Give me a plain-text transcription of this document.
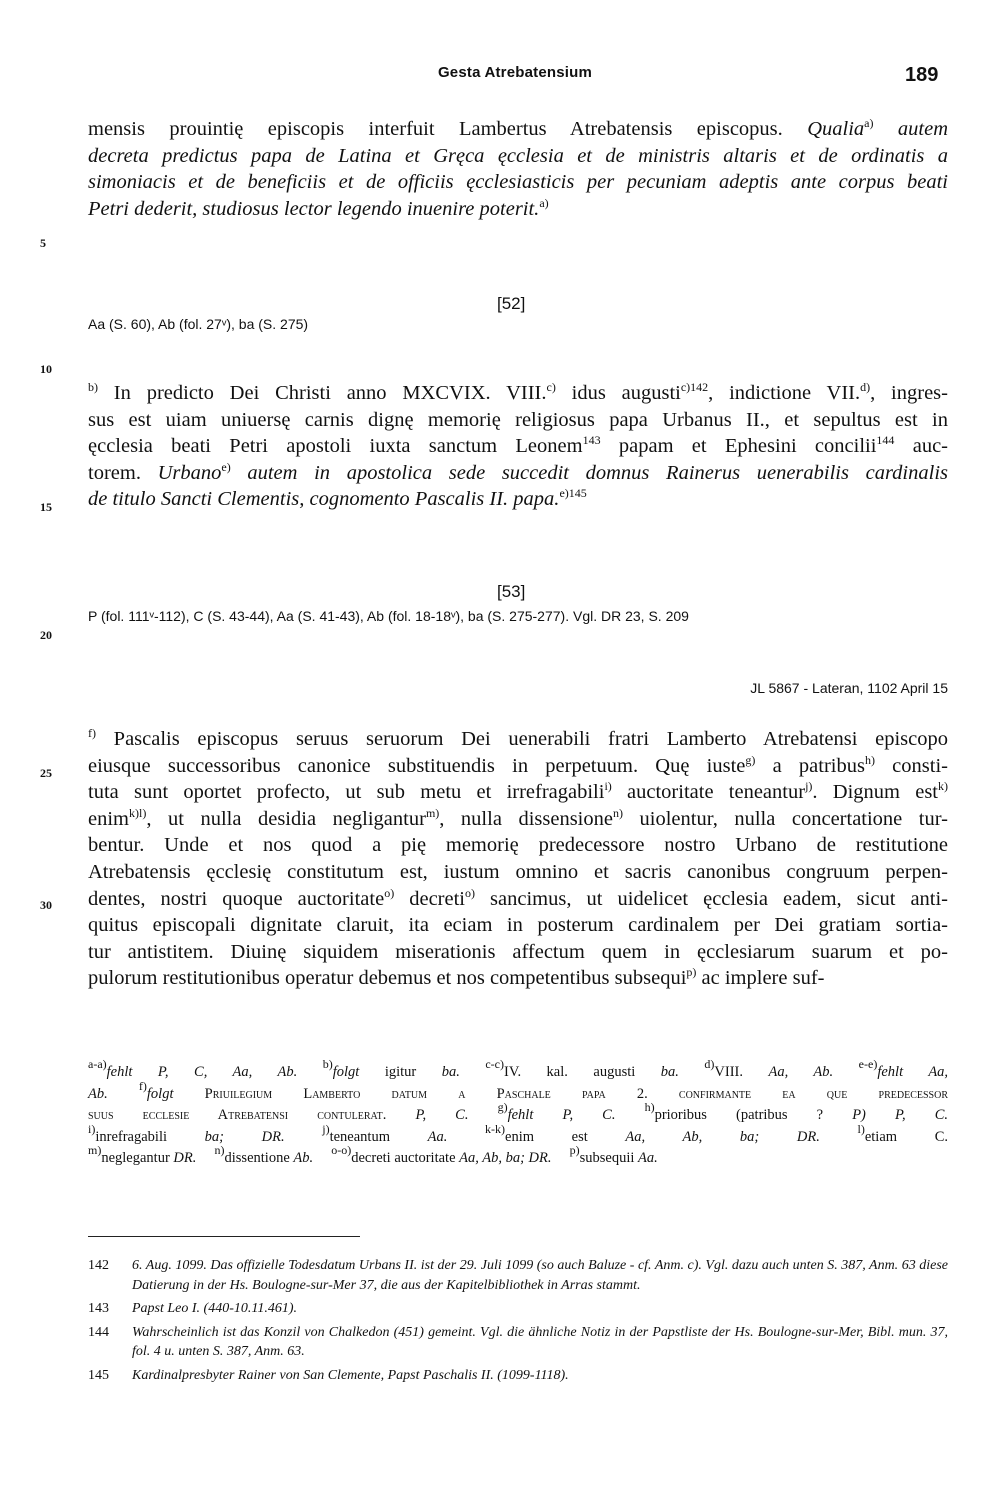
Gesta Atrebatensium	189
5
10
15
20
25
30
mensis prouintię episcopis interfuit Lambertus Atrebatensis episcopus. Qualia$^{a)}$ autem
decreta predictus papa de Latina et Gręca ęcclesia et de ministris altaris et de ordinatis a
simoniacis et de beneficiis et de officiis ęcclesiasticis per pecuniam adeptis ante corpus beati
Petri dederit, studiosus lector legendo inuenire poterit.$^{a)}$
[52]
Aa (S. 60), Ab (fol. 27ᵛ), ba (S. 275)
$^{b)}$ In predicto Dei Christi anno MXCVIX. VIII.$^{c)}$ idus augusti$^{c)142}$, indictione VII.$^{d)}$, ingres-
sus est uiam uniuersę carnis dignę memorię religiosus papa Urbanus II., et sepultus est in
ęcclesia beati Petri apostoli iuxta sanctum Leonem$^{143}$ papam et Ephesini concilii$^{144}$ auc-
torem. Urbano$^{e)}$ autem in apostolica sede succedit domnus Rainerus uenerabilis cardinalis
de titulo Sancti Clementis, cognomento Pascalis II. papa.$^{e)145}$
[53]
P (fol. 111ᵛ-112), C (S. 43-44), Aa (S. 41-43), Ab (fol. 18-18ᵛ), ba (S. 275-277). Vgl. DR 23, S. 209
JL 5867 - Lateran, 1102 April 15
$^{f)}$ Pascalis episcopus seruus seruorum Dei uenerabili fratri Lamberto Atrebatensi episcopo
eiusque successoribus canonice substituendis in perpetuum. Quę iuste$^{g)}$ a patribus$^{h)}$ consti-
tuta sunt oportet profecto, ut sub metu et irrefragabili$^{i)}$ auctoritate teneantur$^{j)}$. Dignum est$^{k)}$
enim$^{k)l)}$, ut nulla desidia negligantur$^{m)}$, nulla dissensione$^{n)}$ uiolentur, nulla concertatione tur-
bentur. Unde et nos quod a pię memorię predecessore nostro Urbano de restitutione
Atrebatensis ęcclesię constitutum est, iustum omnino et sacris canonibus congruum perpen-
dentes, nostri quoque auctoritate$^{o)}$ decreti$^{o)}$ sancimus, ut uidelicet ęcclesia eadem, sicut anti-
quitus episcopali dignitate claruit, ita eciam in posterum cardinalem per Dei gratiam sortia-
tur antistitem. Diuinę siquidem miserationis affectum quem in ęcclesiarum suarum et po-
pulorum restitutionibus operatur debemus et nos competentibus subsequi$^{p)}$ ac implere suf-
$^{a-a)}$fehlt P, C, Aa, Ab. $^{b)}$folgt igitur ba. $^{c-c)}$IV. kal. augusti ba. $^{d)}$VIII. Aa, Ab. $^{e-e)}$fehlt Aa,
Ab.	$^{f)}$folgt Priuilegium Lamberto datum a Paschale papa 2. confirmante ea que predecessor
suus ecclesie Atrebatensi contulerat. P, C. $^{g)}$fehlt P, C. $^{h)}$prioribus (patribus ? P) P, C.
$^{i)}$inrefragabili ba; DR.	$^{j)}$teneantum Aa.	$^{k-k)}$enim est Aa, Ab, ba; DR.	$^{l)}$etiam C.
$^{m)}$neglegantur DR. $^{n)}$dissentione Ab. $^{o-o)}$decreti auctoritate Aa, Ab, ba; DR. $^{p)}$subsequii Aa.
142 6. Aug. 1099. Das offizielle Todesdatum Urbans II. ist der 29. Juli 1099 (so auch Baluze - cf. Anm. c). Vgl. dazu auch unten S. 387, Anm. 63 diese Datierung in der Hs. Boulogne-sur-Mer 37, die aus der Kapitelbibliothek in Arras stammt.
143 Papst Leo I. (440-10.11.461).
144 Wahrscheinlich ist das Konzil von Chalkedon (451) gemeint. Vgl. die ähnliche Notiz in der Papstliste der Hs. Boulogne-sur-Mer, Bibl. mun. 37, fol. 4 u. unten S. 387, Anm. 63.
145 Kardinalpresbyter Rainer von San Clemente, Papst Paschalis II. (1099-1118).
